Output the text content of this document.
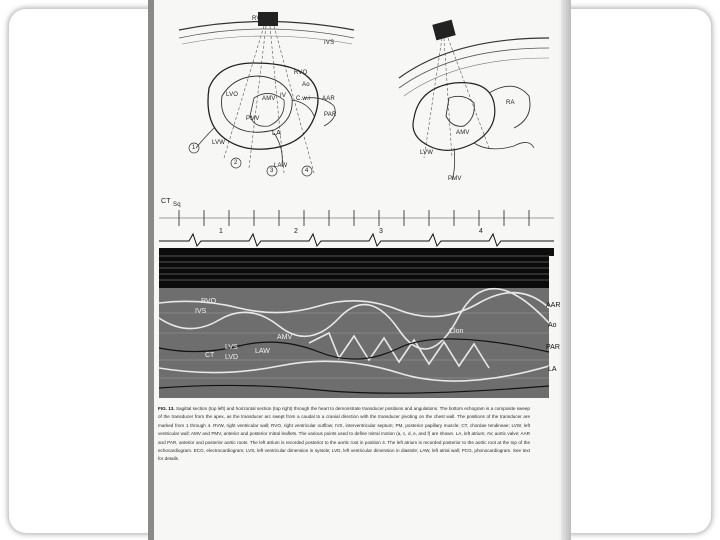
RVW
IVS
RVO
Ao
LVO
AMV IV C.w.i AAR
PMV
LA
PAR
LVW
LAW
1
2
3	4
RA
AMV
LVW
PMV
CT Sq
1	2	3	4
RVO
IVS
AMV
LVS
LVD
CT
LAW
Clon
AAR
Ao
PAR
LA
FIG. 13. Sagittal section (top left) and horizontal section (top right) through the heart to demonstrate transducer positions and angulations. The bottom echogram is a composite sweep of the transducer from the apex, as the transducer arc swept from a caudal to a cranial direction with the transducer pivoting on the chest wall. The positions of the transducer are marked from 1 through 4. RVW, right ventricular wall; RVO, right ventricular outflow; IVS, interventricular septum; PM, posterior papillary muscle; CT, chordae tendineae; LVW, left ventricular wall; AMV and PMV, anterior and posterior mitral leaflets. The various points used to define mitral motion (a, c, d, e, and f) are shown. LA, left atrium; AV, aortic valve; AAR and PAR, anterior and posterior aortic roots. The left atrium is recorded posterior to the aortic root in position 4. The left atrium is recorded posterior to the aortic root at the top of the echocardiogram. ECG, electrocardiogram; LVS, left ventricular dimension in systole; LVD, left ventricular dimension in diastole; LAW, left atrial wall; PCG, phonocardiogram. See text for details.
